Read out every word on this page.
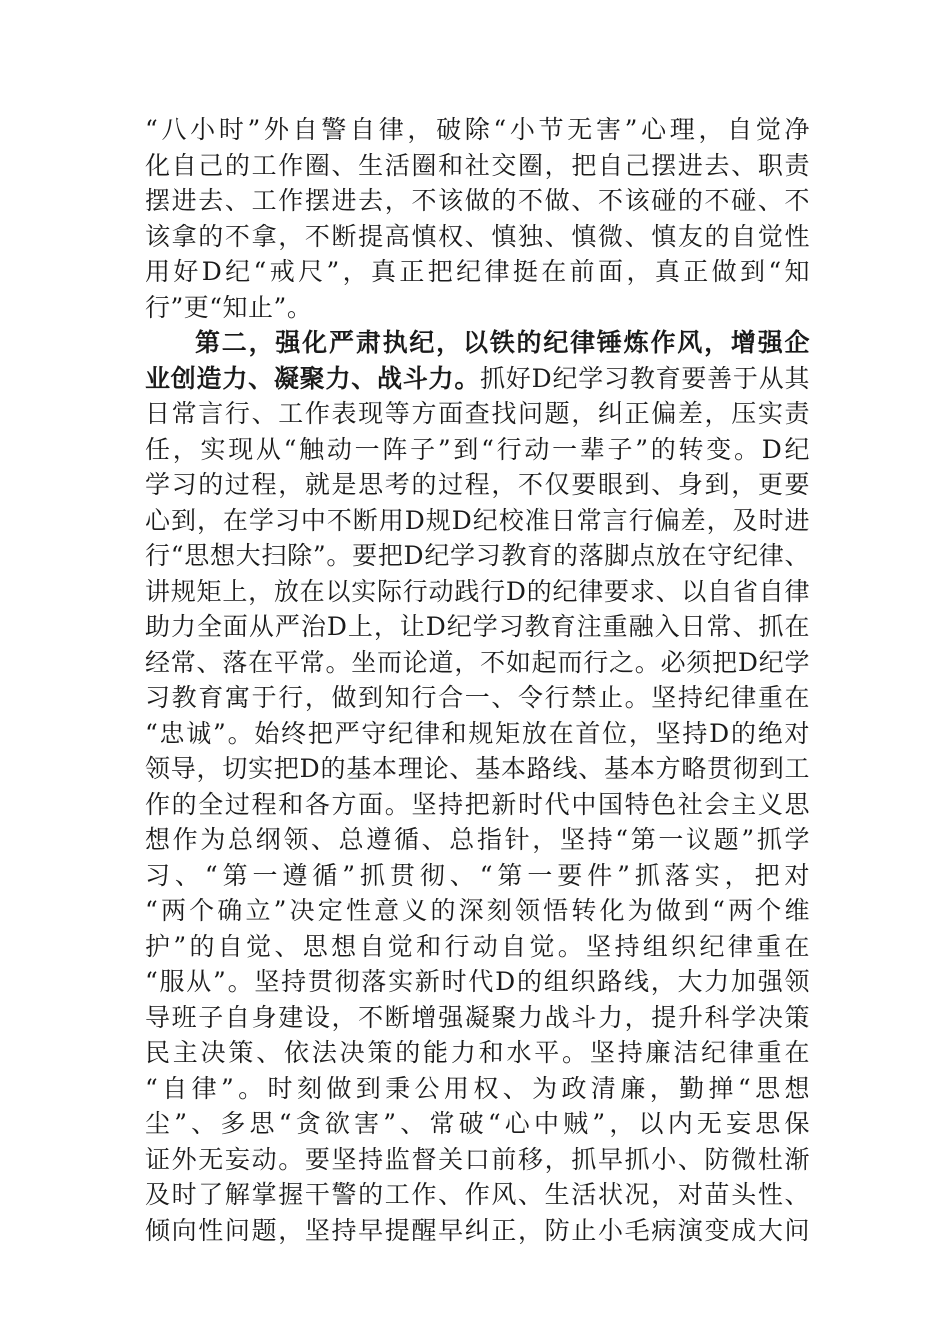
“八小时”外自警自律，破除“小节无害”心理，自觉净
化自己的工作圈、生活圈和社交圈，把自己摆进去、职责
摆进去、工作摆进去，不该做的不做、不该碰的不碰、不
该拿的不拿，不断提高慎权、慎独、慎微、慎友的自觉性
用好D纪“戒尺”，真正把纪律挺在前面，真正做到“知
行”更“知止”。
第二，强化严肃执纪，以铁的纪律锤炼作风，增强企
业创造力、凝聚力、战斗力。抓好D纪学习教育要善于从其
日常言行、工作表现等方面查找问题，纠正偏差，压实责
任，实现从“触动一阵子”到“行动一辈子”的转变。D纪
学习的过程，就是思考的过程，不仅要眼到、身到，更要
心到，在学习中不断用D规D纪校准日常言行偏差，及时进
行“思想大扫除”。要把D纪学习教育的落脚点放在守纪律、
讲规矩上，放在以实际行动践行D的纪律要求、以自省自律
助力全面从严治D上，让D纪学习教育注重融入日常、抓在
经常、落在平常。坐而论道，不如起而行之。必须把D纪学
习教育寓于行，做到知行合一、令行禁止。坚持纪律重在
“忠诚”。始终把严守纪律和规矩放在首位，坚持D的绝对
领导，切实把D的基本理论、基本路线、基本方略贯彻到工
作的全过程和各方面。坚持把新时代中国特色社会主义思
想作为总纲领、总遵循、总指针，坚持“第一议题”抓学
习、“第一遵循”抓贯彻、“第一要件”抓落实，把对
“两个确立”决定性意义的深刻领悟转化为做到“两个维
护”的自觉、思想自觉和行动自觉。坚持组织纪律重在
“服从”。坚持贯彻落实新时代D的组织路线，大力加强领
导班子自身建设，不断增强凝聚力战斗力，提升科学决策
民主决策、依法决策的能力和水平。坚持廉洁纪律重在
“自律”。时刻做到秉公用权、为政清廉，勤掸“思想
尘”、多思“贪欲害”、常破“心中贼”，以内无妄思保
证外无妄动。要坚持监督关口前移，抓早抓小、防微杜渐
及时了解掌握干警的工作、作风、生活状况，对苗头性、
倾向性问题，坚持早提醒早纠正，防止小毛病演变成大问
